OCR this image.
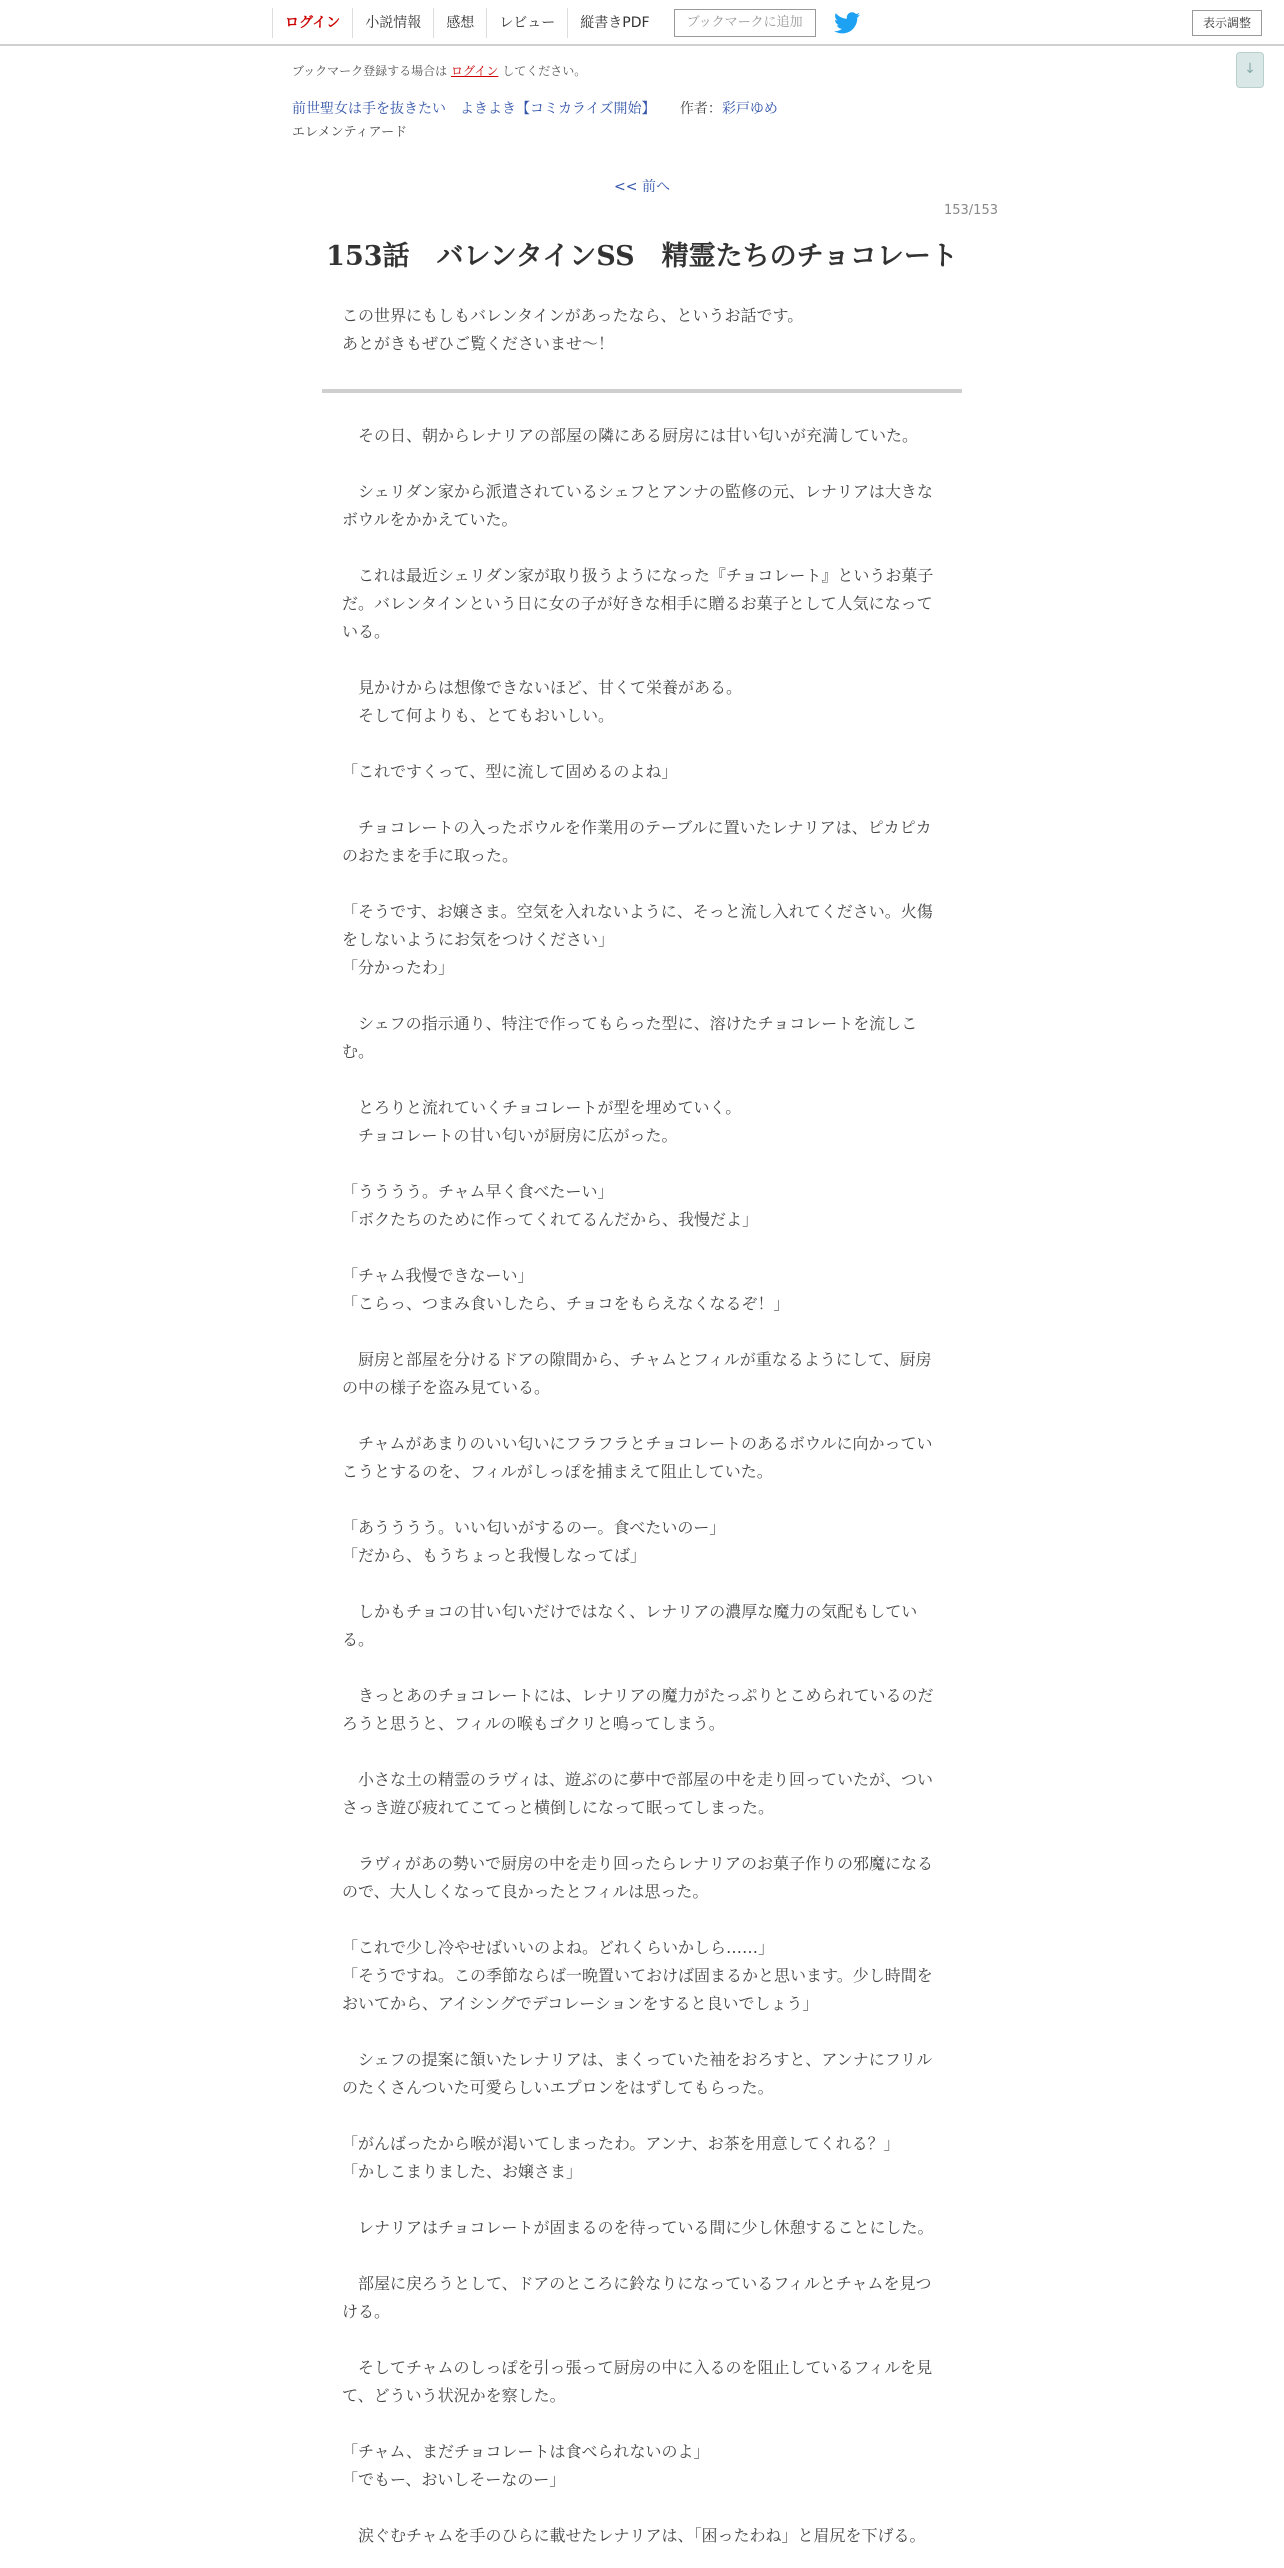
ログイン	小説情報	感想	レビュー	縦書きPDF	ブックマークに追加	表示調整
↓
ブックマーク登録する場合は ログイン してください。
前世聖女は手を抜きたい　よきよき【コミカライズ開始】 作者：彩戸ゆめ
エレメンティアード
<< 前へ
153/153
153話　バレンタインSS　精霊たちのチョコレート
この世界にもしもバレンタインがあったなら、というお話です。
あとがきもぜひご覧くださいませ～！

　その日、朝からレナリアの部屋の隣にある厨房には甘い匂いが充満していた。

　シェリダン家から派遣されているシェフとアンナの監修の元、レナリアは大きなボウルをかかえていた。

　これは最近シェリダン家が取り扱うようになった『チョコレート』というお菓子だ。バレンタインという日に女の子が好きな相手に贈るお菓子として人気になっている。

　見かけからは想像できないほど、甘くて栄養がある。

　そして何よりも、とてもおいしい。

「これですくって、型に流して固めるのよね」

　チョコレートの入ったボウルを作業用のテーブルに置いたレナリアは、ピカピカのおたまを手に取った。

「そうです、お嬢さま。空気を入れないように、そっと流し入れてください。火傷をしないようにお気をつけください」

「分かったわ」

　シェフの指示通り、特注で作ってもらった型に、溶けたチョコレートを流しこむ。

　とろりと流れていくチョコレートが型を埋めていく。

　チョコレートの甘い匂いが厨房に広がった。

「うううう。チャム早く食べたーい」

「ボクたちのために作ってくれてるんだから、我慢だよ」

「チャム我慢できなーい」

「こらっ、つまみ食いしたら、チョコをもらえなくなるぞ！」

　厨房と部屋を分けるドアの隙間から、チャムとフィルが重なるようにして、厨房の中の様子を盗み見ている。

　チャムがあまりのいい匂いにフラフラとチョコレートのあるボウルに向かっていこうとするのを、フィルがしっぽを捕まえて阻止していた。

「あうううう。いい匂いがするのー。食べたいのー」

「だから、もうちょっと我慢しなってば」

　しかもチョコの甘い匂いだけではなく、レナリアの濃厚な魔力の気配もしている。

　きっとあのチョコレートには、レナリアの魔力がたっぷりとこめられているのだろうと思うと、フィルの喉もゴクリと鳴ってしまう。

　小さな土の精霊のラヴィは、遊ぶのに夢中で部屋の中を走り回っていたが、ついさっき遊び疲れてこてっと横倒しになって眠ってしまった。

　ラヴィがあの勢いで厨房の中を走り回ったらレナリアのお菓子作りの邪魔になるので、大人しくなって良かったとフィルは思った。

「これで少し冷やせばいいのよね。どれくらいかしら……」

「そうですね。この季節ならば一晩置いておけば固まるかと思います。少し時間をおいてから、アイシングでデコレーションをすると良いでしょう」

　シェフの提案に頷いたレナリアは、まくっていた袖をおろすと、アンナにフリルのたくさんついた可愛らしいエプロンをはずしてもらった。

「がんばったから喉が渇いてしまったわ。アンナ、お茶を用意してくれる？」

「かしこまりました、お嬢さま」

　レナリアはチョコレートが固まるのを待っている間に少し休憩することにした。

　部屋に戻ろうとして、ドアのところに鈴なりになっているフィルとチャムを見つける。

　そしてチャムのしっぽを引っ張って厨房の中に入るのを阻止しているフィルを見て、どういう状況かを察した。

「チャム、まだチョコレートは食べられないのよ」

「でもー、おいしそーなのー」

　涙ぐむチャムを手のひらに載せたレナリアは、「困ったわね」と眉尻を下げる。
